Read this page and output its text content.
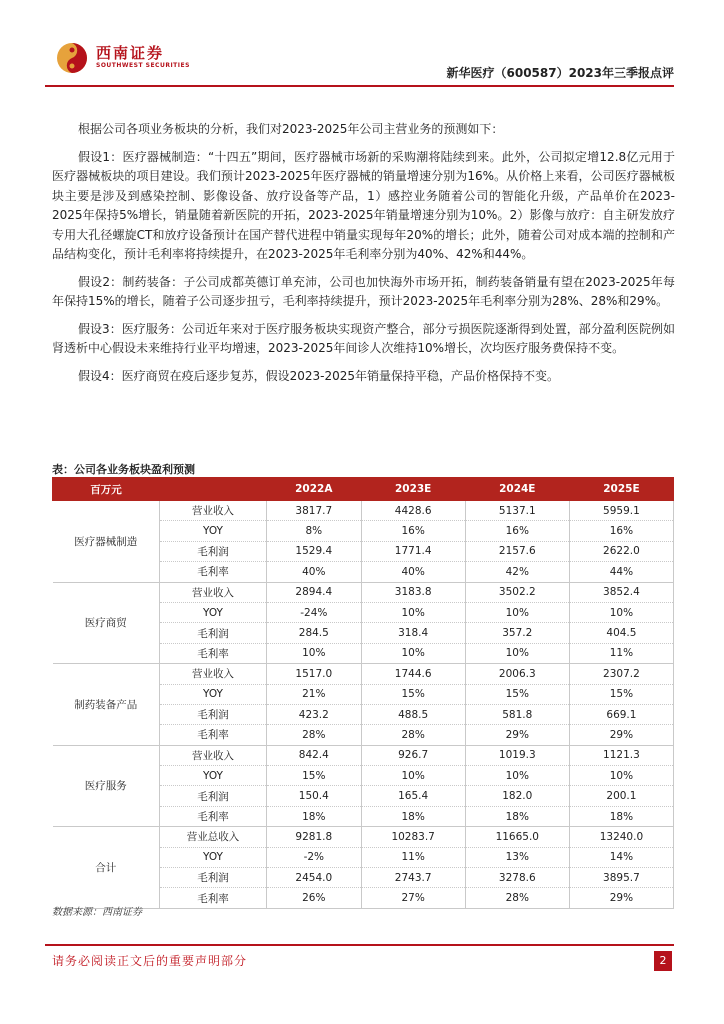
西南证券
SOUTHWEST SECURITIES
新华医疗（600587）2023年三季报点评

根据公司各项业务板块的分析，我们对2023-2025年公司主营业务的预测如下：

假设1：医疗器械制造：“十四五”期间，医疗器械市场新的采购潮将陆续到来。此外，公司拟定增12.8亿元用于医疗器械板块的项目建设。我们预计2023-2025年医疗器械的销量增速分别为16%。从价格上来看，公司医疗器械板块主要是涉及到感染控制、影像设备、放疗设备等产品，1）感控业务随着公司的智能化升级，产品单价在2023-2025年保持5%增长，销量随着新医院的开拓，2023-2025年销量增速分别为10%。2）影像与放疗：自主研发放疗专用大孔径螺旋CT和放疗设备预计在国产替代进程中销量实现每年20%的增长；此外，随着公司对成本端的控制和产品结构变化，预计毛利率将持续提升，在2023-2025年毛利率分别为40%、42%和44%。

假设2：制药装备：子公司成都英德订单充沛，公司也加快海外市场开拓，制药装备销量有望在2023-2025年每年保持15%的增长，随着子公司逐步扭亏，毛利率持续提升，预计2023-2025年毛利率分别为28%、28%和29%。

假设3：医疗服务：公司近年来对于医疗服务板块实现资产整合，部分亏损医院逐渐得到处置，部分盈利医院例如肾透析中心假设未来维持行业平均增速，2023-2025年间诊人次维持10%增长，次均医疗服务费保持不变。

假设4：医疗商贸在疫后逐步复苏，假设2023-2025年销量保持平稳，产品价格保持不变。

表：公司各业务板块盈利预测
百万元		2022A	2023E	2024E	2025E
医疗器械制造	营业收入	3817.7	4428.6	5137.1	5959.1
	YOY	8%	16%	16%	16%
	毛利润	1529.4	1771.4	2157.6	2622.0
	毛利率	40%	40%	42%	44%
医疗商贸	营业收入	2894.4	3183.8	3502.2	3852.4
	YOY	-24%	10%	10%	10%
	毛利润	284.5	318.4	357.2	404.5
	毛利率	10%	10%	10%	11%
制药装备产品	营业收入	1517.0	1744.6	2006.3	2307.2
	YOY	21%	15%	15%	15%
	毛利润	423.2	488.5	581.8	669.1
	毛利率	28%	28%	29%	29%
医疗服务	营业收入	842.4	926.7	1019.3	1121.3
	YOY	15%	10%	10%	10%
	毛利润	150.4	165.4	182.0	200.1
	毛利率	18%	18%	18%	18%
合计	营业总收入	9281.8	10283.7	11665.0	13240.0
	YOY	-2%	11%	13%	14%
	毛利润	2454.0	2743.7	3278.6	3895.7
	毛利率	26%	27%	28%	29%
数据来源：西南证券
请务必阅读正文后的重要声明部分	2
